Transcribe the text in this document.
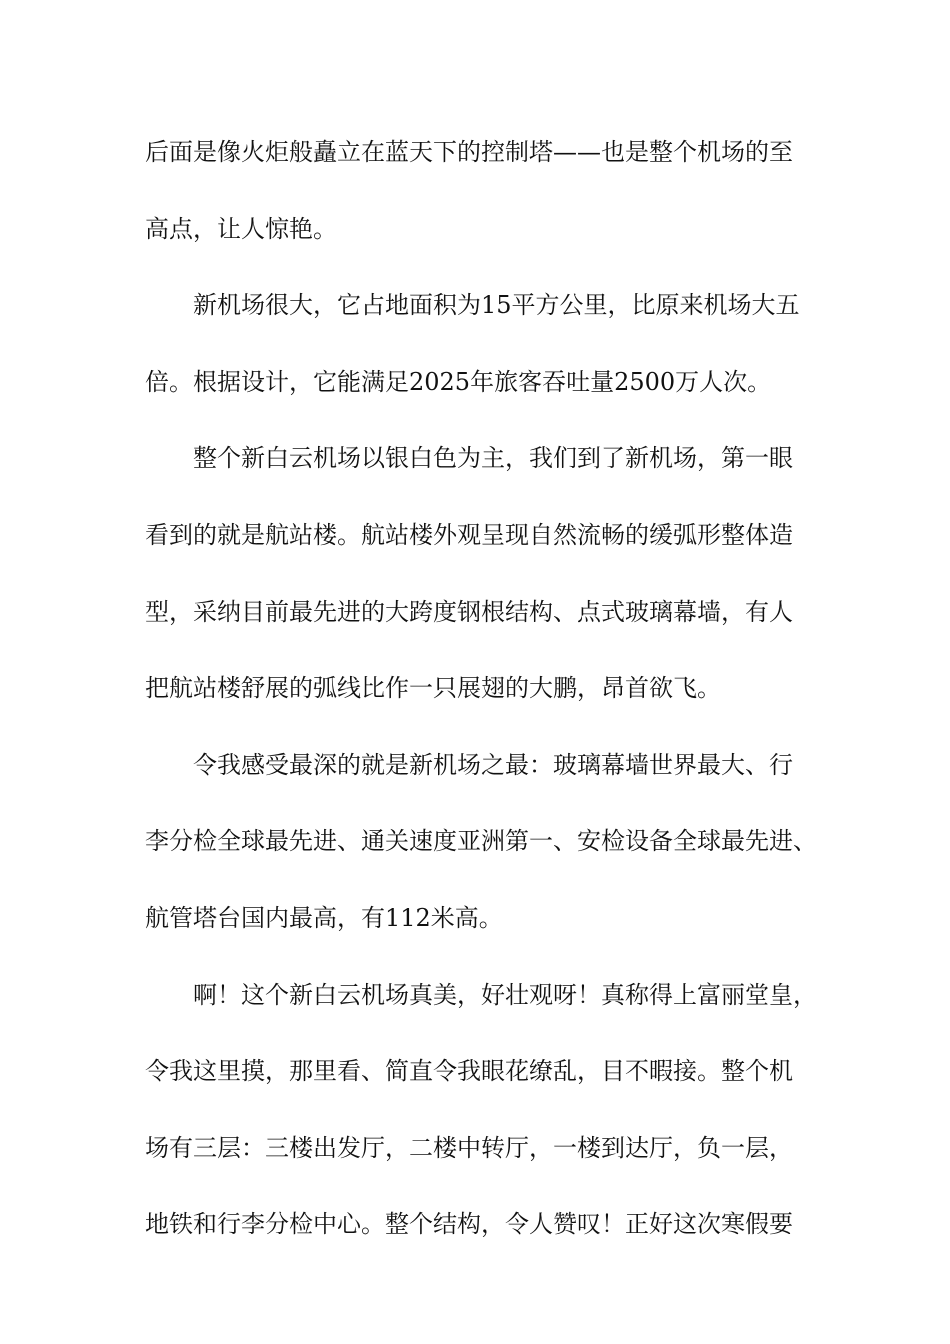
后面是像火炬般矗立在蓝天下的控制塔——也是整个机场的至
高点，让人惊艳。
新机场很大，它占地面积为15平方公里，比原来机场大五
倍。根据设计，它能满足2025年旅客吞吐量2500万人次。
整个新白云机场以银白色为主，我们到了新机场，第一眼
看到的就是航站楼。航站楼外观呈现自然流畅的缓弧形整体造
型，采纳目前最先进的大跨度钢根结构、点式玻璃幕墙，有人
把航站楼舒展的弧线比作一只展翅的大鹏，昂首欲飞。
令我感受最深的就是新机场之最：玻璃幕墙世界最大、行
李分检全球最先进、通关速度亚洲第一、安检设备全球最先进、
航管塔台国内最高，有112米高。
啊！这个新白云机场真美，好壮观呀！真称得上富丽堂皇，
令我这里摸，那里看、简直令我眼花缭乱，目不暇接。整个机
场有三层：三楼出发厅，二楼中转厅，一楼到达厅，负一层，
地铁和行李分检中心。整个结构，令人赞叹！正好这次寒假要
